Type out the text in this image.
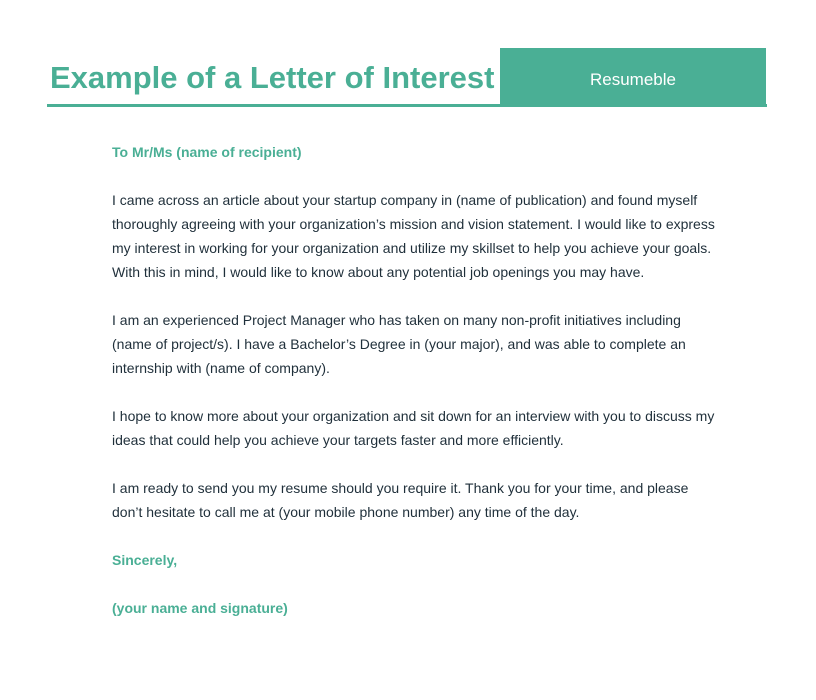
Example of a Letter of Interest	Resumeble

To Mr/Ms (name of recipient)

I came across an article about your startup company in (name of publication) and found myself thoroughly agreeing with your organization’s mission and vision statement. I would like to express my interest in working for your organization and utilize my skillset to help you achieve your goals. With this in mind, I would like to know about any potential job openings you may have.

I am an experienced Project Manager who has taken on many non-profit initiatives including (name of project/s). I have a Bachelor’s Degree in (your major), and was able to complete an internship with (name of company).

I hope to know more about your organization and sit down for an interview with you to discuss my ideas that could help you achieve your targets faster and more efficiently.

I am ready to send you my resume should you require it. Thank you for your time, and please don’t hesitate to call me at (your mobile phone number) any time of the day.

Sincerely,

(your name and signature)
